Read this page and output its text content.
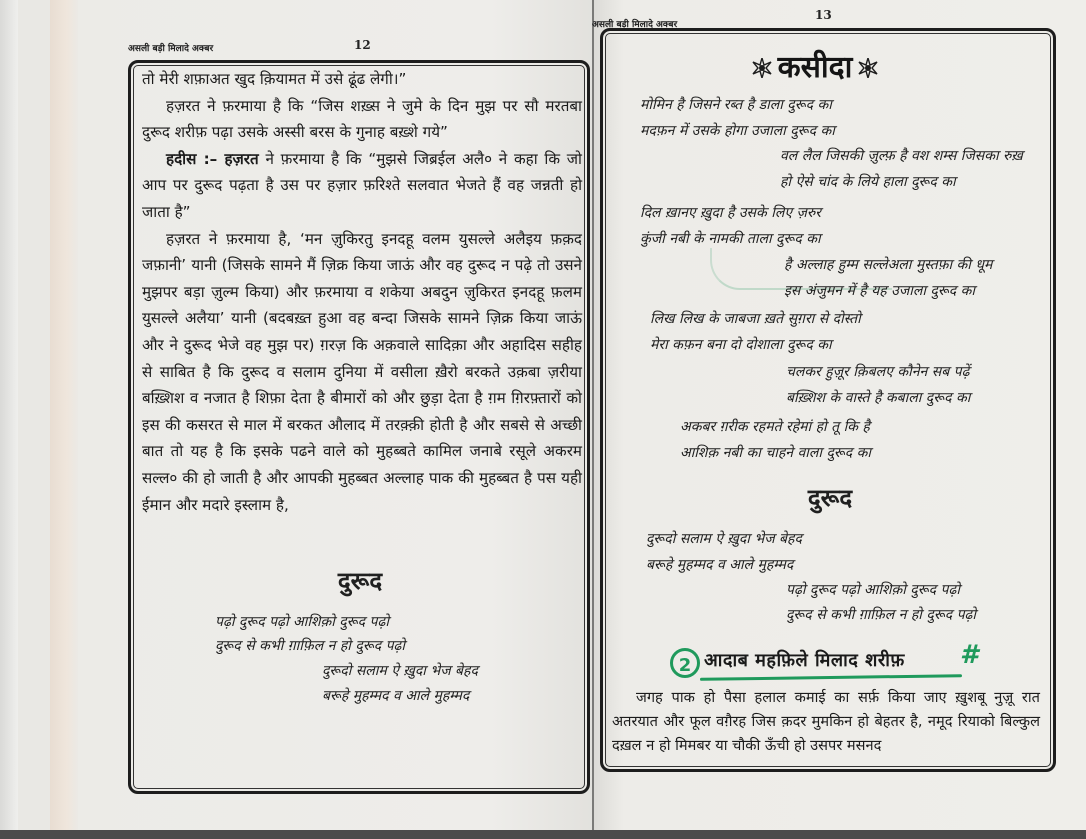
असली बड़ी मिलादे अक्बर	12

तो मेरी शफ़ाअत खुद क़ियामत में उसे ढूंढ लेगी।”

हज़रत ने फ़रमाया है कि “जिस शख़्स ने जुमे के दिन मुझ पर सौ मरतबा दुरूद शरीफ़ पढ़ा उसके अस्सी बरस के गुनाह बख़्शे गये”

हदीस :– हज़रत ने फ़रमाया है कि “मुझसे जिब्रईल अलै० ने कहा कि जो आप पर दुरूद पढ़ता है उस पर हज़ार फ़रिश्ते सलवात भेजते हैं वह जन्नती हो जाता है”

हज़रत ने फ़रमाया है, ‘मन ज़ुकिरतु इनदहू वलम युसल्ले अलैइय फ़क़द जफ़ानी’ यानी (जिसके सामने मैं ज़िक्र किया जाऊं और वह दुरूद न पढ़े तो उसने मुझपर बड़ा ज़ुल्म किया) और फ़रमाया व शकेया अबदुन ज़ुकिरत इनदहू फ़लम युसल्ले अलैया’ यानी (बदबख़्त हुआ वह बन्दा जिसके सामने ज़िक्र किया जाऊं और ने दुरूद भेजे वह मुझ पर) ग़रज़ कि अक़वाले सादिक़ा और अहादिस सहीह से साबित है कि दुरूद व सलाम दुनिया में वसीला ख़ैरो बरकते उक़बा ज़रीया बख़्शिश व नजात है शिफ़ा देता है बीमारों को और छुड़ा देता है ग़म ग़िरफ़्तारों को इस की कसरत से माल में बरकत औलाद में तरक़्क़ी होती है और सबसे से अच्छी बात तो यह है कि इसके पढने वाले को मुहब्बते कामिल जनाबे रसूले अकरम सल्ल० की हो जाती है और आपकी मुहब्बत अल्लाह पाक की मुहब्बत है पस यही ईमान और मदारे इस्लाम है,

दुरूद
पढ़ो दुरूद पढ़ो आशिक़ो दुरूद पढ़ो
दुरूद से कभी ग़ाफ़िल न हो दुरूद पढ़ो
दुरूदो सलाम ऐ ख़ुदा भेज बेहद
बरूहे मुहम्मद व आले मुहम्मद
असली बड़ी मिलादे अक्बर
13
कसीदा
मोमिन है जिसने रब्त है डाला दुरूद का
मदफ़न में उसके होगा उजाला दुरूद का
वल लैल जिसकी ज़ुल्फ़ है वश शम्स जिसका रुख़
हो ऐसे चांद के लिये हाला दुरूद का
दिल ख़ानए ख़ुदा है उसके लिए ज़रुर
कुंजी नबी के नामकी ताला दुरूद का
है अल्लाह हुम्म सल्लेअला मुस्तफ़ा की धूम
इस अंजुमन में है यह उजाला दुरूद का
लिख लिख के जाबजा ख़ते सुग़रा से दोस्तो
मेरा कफ़न बना दो दोशाला दुरूद का
चलकर हुज़ूर क़िबलए कौनेन सब पढ़ें
बख़्शिश के वास्ते है कबाला दुरूद का
अकबर ग़रीक रहमते रहेमां हो तू कि है
आशिक़ नबी का चाहने वाला दुरूद का
दुरूद
दुरूदो सलाम ऐ ख़ुदा भेज बेहद
बरूहे मुहम्मद व आले मुहम्मद
पढ़ो दुरूद पढ़ो आशिक़ो दुरूद पढ़ो
दुरूद से कभी ग़ाफ़िल न हो दुरूद पढ़ो
2 आदाब महफ़िले मिलाद शरीफ़ #

जगह पाक हो पैसा हलाल कमाई का सर्फ़ किया जाए ख़ुशबू नुज़ू रात अतरयात और फूल वग़ैरह जिस क़दर मुमकिन हो बेहतर है, नमूद रियाको बिल्कुल दख़ल न हो मिमबर या चौकी ऊँची हो उसपर मसनद
